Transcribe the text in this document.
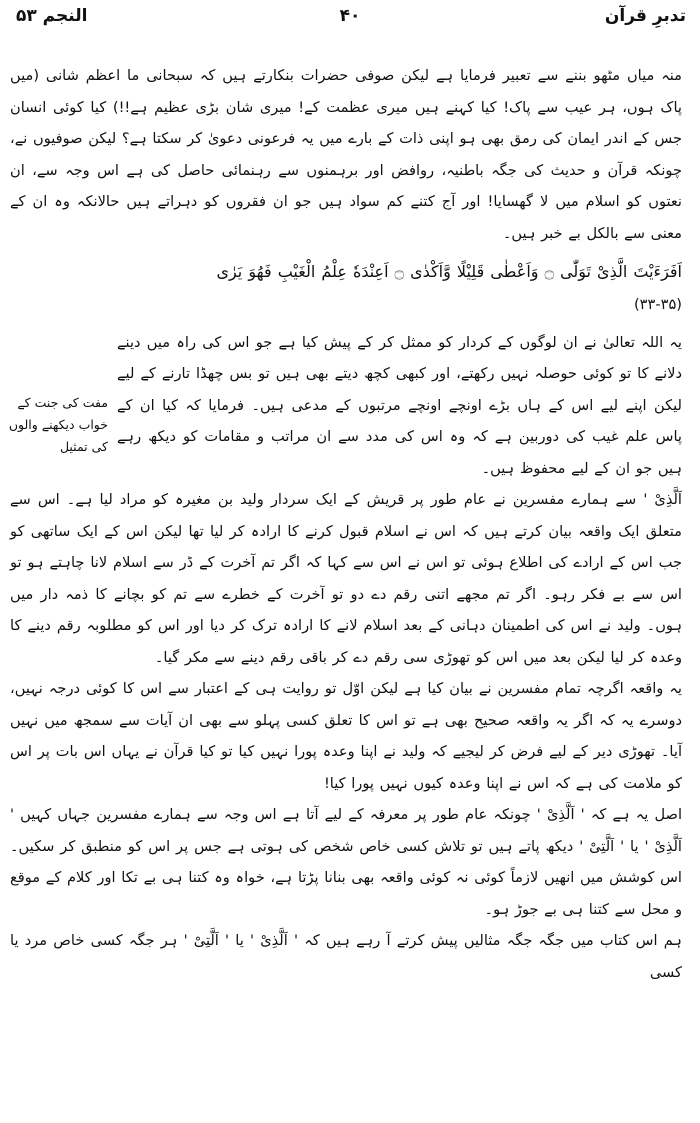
تدبرِ قرآن
۴۰
النجم ۵۳

منہ میاں مٹھو بننے سے تعبیر فرمایا ہے لیکن صوفی حضرات بنکارتے ہیں کہ سبحانی ما اعظم شانی (میں پاک ہوں، ہر عیب سے پاک! کیا کہنے ہیں میری عظمت کے! میری شان بڑی عظیم ہے!!) کیا کوئی انسان جس کے اندر ایمان کی رمق بھی ہو اپنی ذات کے بارے میں یہ فرعونی دعویٰ کر سکتا ہے؟ لیکن صوفیوں نے، چونکہ قرآن و حدیث کی جگہ باطنیہ، روافض اور برہمنوں سے رہنمائی حاصل کی ہے اس وجہ سے، ان نعتوں کو اسلام میں لا گھسایا! اور آج کتنے کم سواد ہیں جو ان فقروں کو دہراتے ہیں حالانکہ وہ ان کے معنی سے بالکل بے خبر ہیں۔

اَفَرَءَيْتَ الَّذِىْ تَوَلّٰى ۝ وَاَعْطٰى قَلِيْلًا وَّاَكْدٰى ۝ اَعِنْدَهٗ عِلْمُ الْغَيْبِ فَهُوَ يَرٰى

(۳۳-۳۵)

یہ اللہ تعالیٰ نے ان لوگوں کے کردار کو ممثل کر کے پیش کیا ہے جو اس کی راہ میں دینے دلانے کا تو کوئی حوصلہ نہیں رکھتے، اور کبھی کچھ دیتے بھی ہیں تو بس چھڈا تارنے کے لیے لیکن اپنے لیے اس کے ہاں بڑے اونچے اونچے مرتبوں کے مدعی ہیں۔ فرمایا کہ کیا ان کے پاس علم غیب کی دوربین ہے کہ وہ اس کی مدد سے ان مراتب و مقامات کو دیکھ رہے ہیں جو ان کے لیے محفوظ ہیں۔

اَلَّذِىْ ' سے ہمارے مفسرین نے عام طور پر قریش کے ایک سردار ولید بن مغیرہ کو مراد لیا ہے۔ اس سے متعلق ایک واقعہ بیان کرتے ہیں کہ اس نے اسلام قبول کرنے کا ارادہ کر لیا تھا لیکن اس کے ایک ساتھی کو جب اس کے ارادے کی اطلاع ہوئی تو اس نے اس سے کہا کہ اگر تم آخرت کے ڈر سے اسلام لانا چاہتے ہو تو اس سے بے فکر رہو۔ اگر تم مجھے اتنی رقم دے دو تو آخرت کے خطرے سے تم کو بچانے کا ذمہ دار میں ہوں۔ ولید نے اس کی اطمینان دہانی کے بعد اسلام لانے کا ارادہ ترک کر دیا اور اس کو مطلوبہ رقم دینے کا وعدہ کر لیا لیکن بعد میں اس کو تھوڑی سی رقم دے کر باقی رقم دینے سے مکر گیا۔

یہ واقعہ اگرچہ تمام مفسرین نے بیان کیا ہے لیکن اوّل تو روایت ہی کے اعتبار سے اس کا کوئی درجہ نہیں، دوسرے یہ کہ اگر یہ واقعہ صحیح بھی ہے تو اس کا تعلق کسی پہلو سے بھی ان آیات سے سمجھ میں نہیں آیا۔ تھوڑی دیر کے لیے فرض کر لیجیے کہ ولید نے اپنا وعدہ پورا نہیں کیا تو کیا قرآن نے یہاں اس بات پر اس کو ملامت کی ہے کہ اس نے اپنا وعدہ کیوں نہیں پورا کیا!

اصل یہ ہے کہ ' اَلَّذِىْ ' چونکہ عام طور پر معرفہ کے لیے آتا ہے اس وجہ سے ہمارے مفسرین جہاں کہیں ' اَلَّذِىْ ' یا ' اَلَّتِىْ ' دیکھ پاتے ہیں تو تلاش کسی خاص شخص کی ہوتی ہے جس پر اس کو منطبق کر سکیں۔ اس کوشش میں انھیں لازماً کوئی نہ کوئی واقعہ بھی بنانا پڑتا ہے، خواہ وہ کتنا ہی بے تکا اور کلام کے موقع و محل سے کتنا ہی بے جوڑ ہو۔

ہم اس کتاب میں جگہ جگہ مثالیں پیش کرتے آ رہے ہیں کہ ' اَلَّذِىْ ' یا ' اَلَّتِىْ ' ہر جگہ کسی خاص مرد یا کسی

مفت کی جنت کے خواب دیکھنے والوں کی تمثیل
